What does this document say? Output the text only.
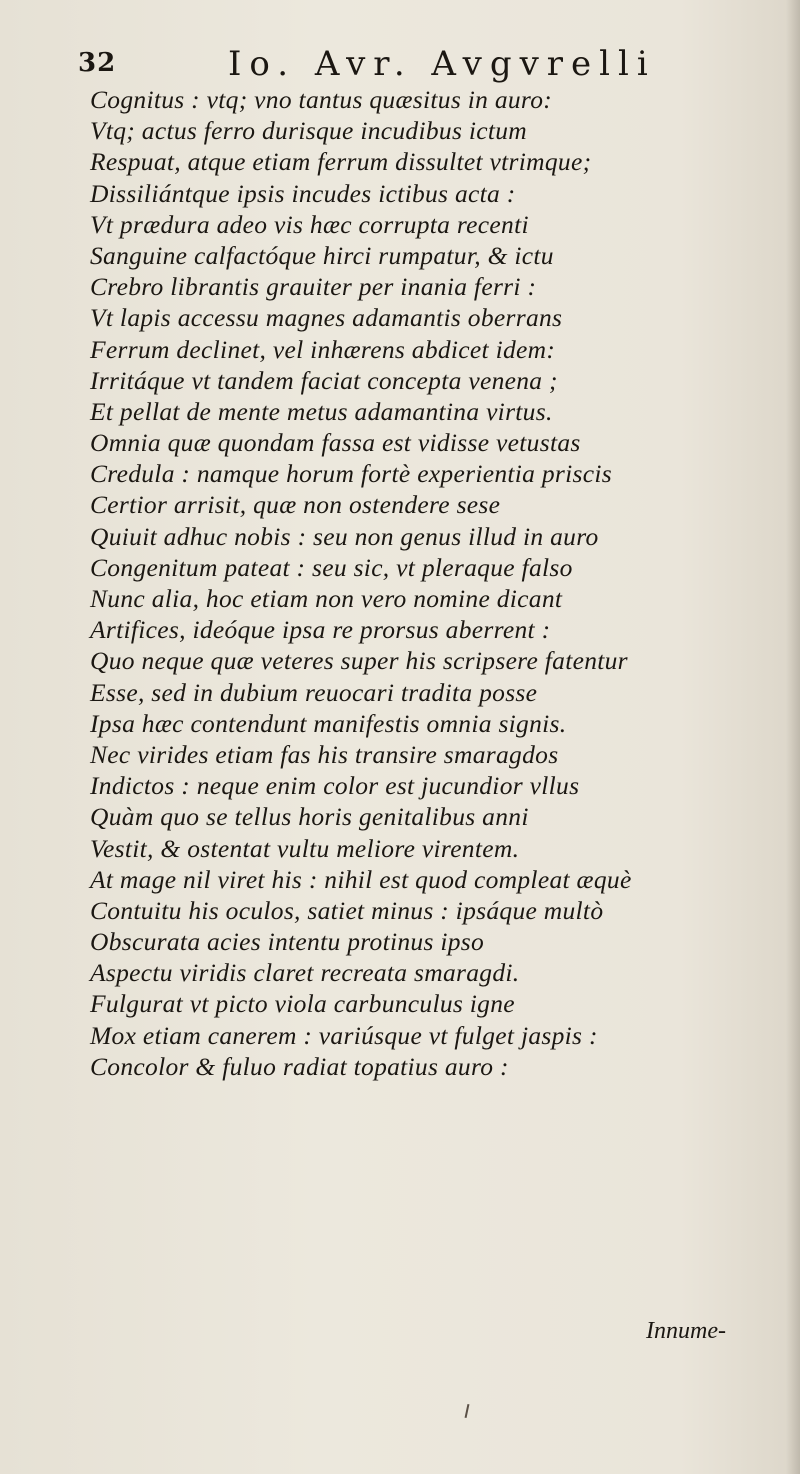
32	Io. Avr. Avgvrelli
Cognitus : vtq; vno tantus quæsitus in auro:
Vtq; actus ferro durisque incudibus ictum
Respuat, atque etiam ferrum dissultet vtrimque;
Dissiliántque ipsis incudes ictibus acta :
Vt prædura adeo vis hæc corrupta recenti
Sanguine calfactóque hirci rumpatur, & ictu
Crebro librantis grauiter per inania ferri :
Vt lapis accessu magnes adamantis oberrans
Ferrum declinet, vel inhærens abdicet idem:
Irritáque vt tandem faciat concepta venena ;
Et pellat de mente metus adamantina virtus.
Omnia quæ quondam fassa est vidisse vetustas
Credula : namque horum fortè experientia priscis
Certior arrisit, quæ non ostendere sese
Quiuit adhuc nobis : seu non genus illud in auro
Congenitum pateat : seu sic, vt pleraque falso
Nunc alia, hoc etiam non vero nomine dicant
Artifices, ideóque ipsa re prorsus aberrent :
Quo neque quæ veteres super his scripsere fatentur
Esse, sed in dubium reuocari tradita posse
Ipsa hæc contendunt manifestis omnia signis.
Nec virides etiam fas his transire smaragdos
Indictos : neque enim color est jucundior vllus
Quàm quo se tellus horis genitalibus anni
Vestit, & ostentat vultu meliore virentem.
At mage nil viret his : nihil est quod compleat æquè
Contuitu his oculos, satiet minus : ipsáque multò
Obscurata acies intentu protinus ipso
Aspectu viridis claret recreata smaragdi.
Fulgurat vt picto viola carbunculus igne
Mox etiam canerem : variúsque vt fulget jaspis :
Concolor & fuluo radiat topatius auro :
Innume-
